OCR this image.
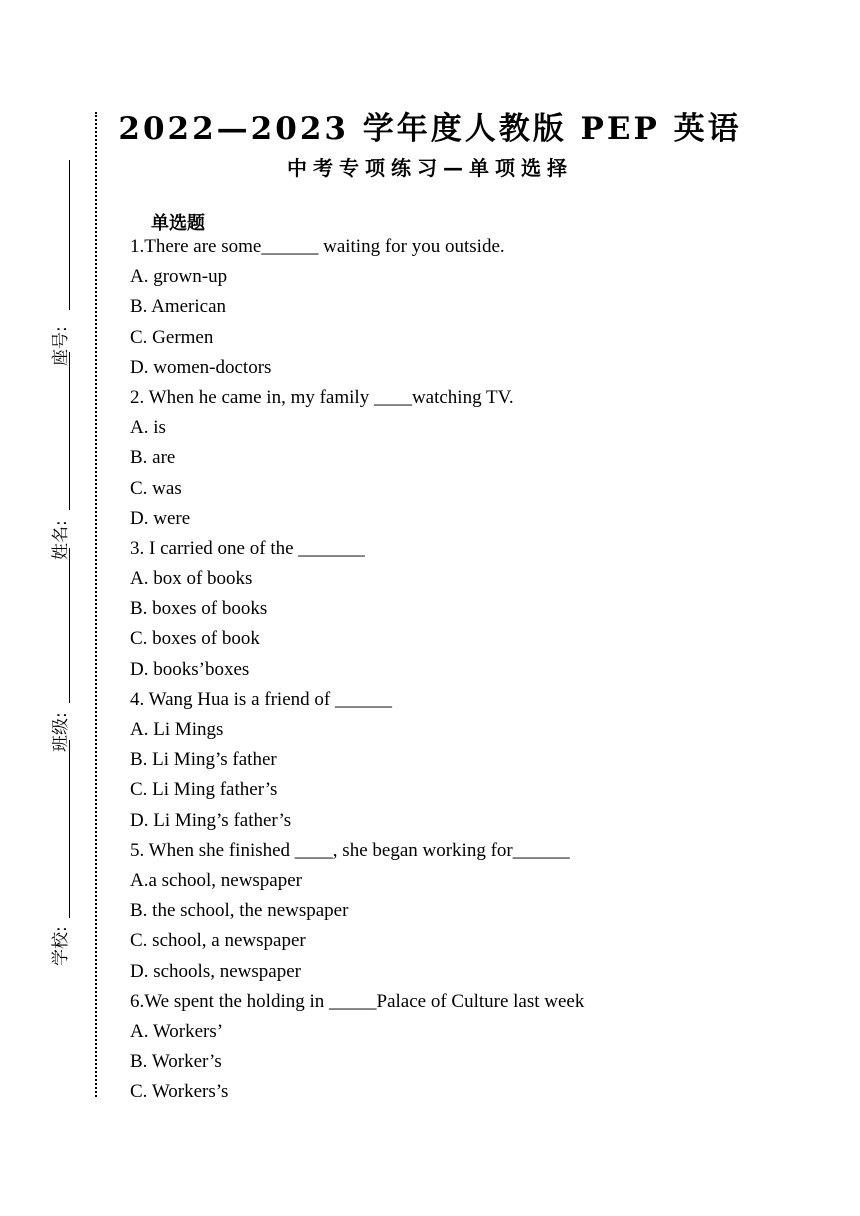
座号:
姓名:
班级:
学校:
2022—2023 学年度人教版 PEP 英语
中考专项练习—单项选择
单选题
1.There are some______ waiting for you outside.
A. grown-up
B. American
C. Germen
D. women-doctors
2. When he came in, my family ____watching TV.
A. is
B. are
C. was
D. were
3. I carried one of the _______
A. box of books
B. boxes of books
C. boxes of book
D. books’boxes
4. Wang Hua is a friend of ______
A. Li Mings
B. Li Ming’s father
C. Li Ming father’s
D. Li Ming’s father’s
5. When she finished ____, she began working for______
A.a school, newspaper
B. the school, the newspaper
C. school, a newspaper
D. schools, newspaper
6.We spent the holding in _____Palace of Culture last week
A. Workers’
B. Worker’s
C. Workers’s
